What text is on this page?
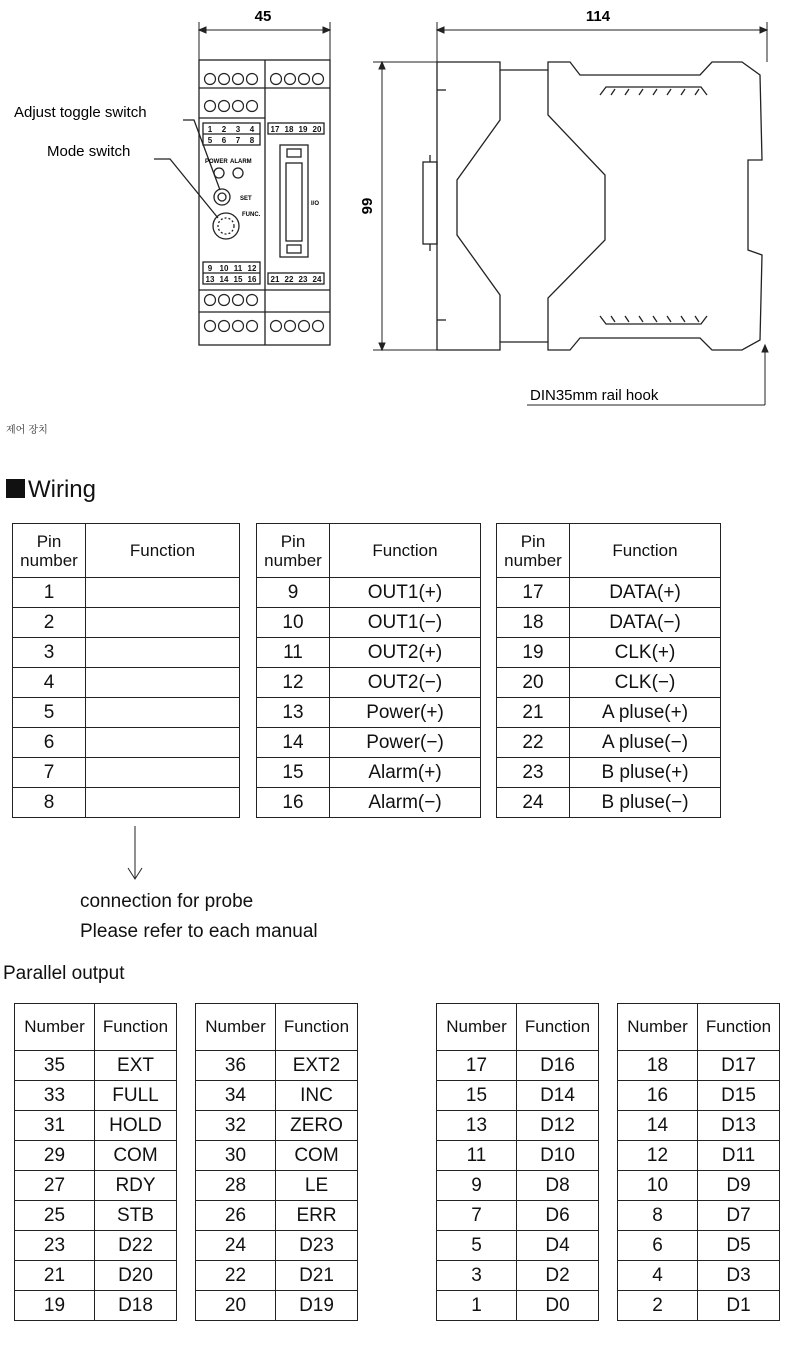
45
1 2 3 4
5 6 7 8
17 18 19 20
9 10 11 12
13 14 15 16 21 22 23 24
POWER ALARM
SET
FUNC.
I/O
Adjust toggle switch
Mode switch
114
99
DIN35mm rail hook
제어 장치
Wiring
Pin number	Function
1	
2	
3	
4	
5	
6	
7	
8	
Pin number	Function
9	OUT1(+)
10	OUT1(−)
11	OUT2(+)
12	OUT2(−)
13	Power(+)
14	Power(−)
15	Alarm(+)
16	Alarm(−)
Pin number	Function
17	DATA(+)
18	DATA(−)
19	CLK(+)
20	CLK(−)
21	A pluse(+)
22	A pluse(−)
23	B pluse(+)
24	B pluse(−)
connection for probe
Please refer to each manual
Parallel output
Number	Function
35	EXT
33	FULL
31	HOLD
29	COM
27	RDY
25	STB
23	D22
21	D20
19	D18
Number	Function
36	EXT2
34	INC
32	ZERO
30	COM
28	LE
26	ERR
24	D23
22	D21
20	D19
Number	Function
17	D16
15	D14
13	D12
11	D10
9	D8
7	D6
5	D4
3	D2
1	D0
Number	Function
18	D17
16	D15
14	D13
12	D11
10	D9
8	D7
6	D5
4	D3
2	D1
